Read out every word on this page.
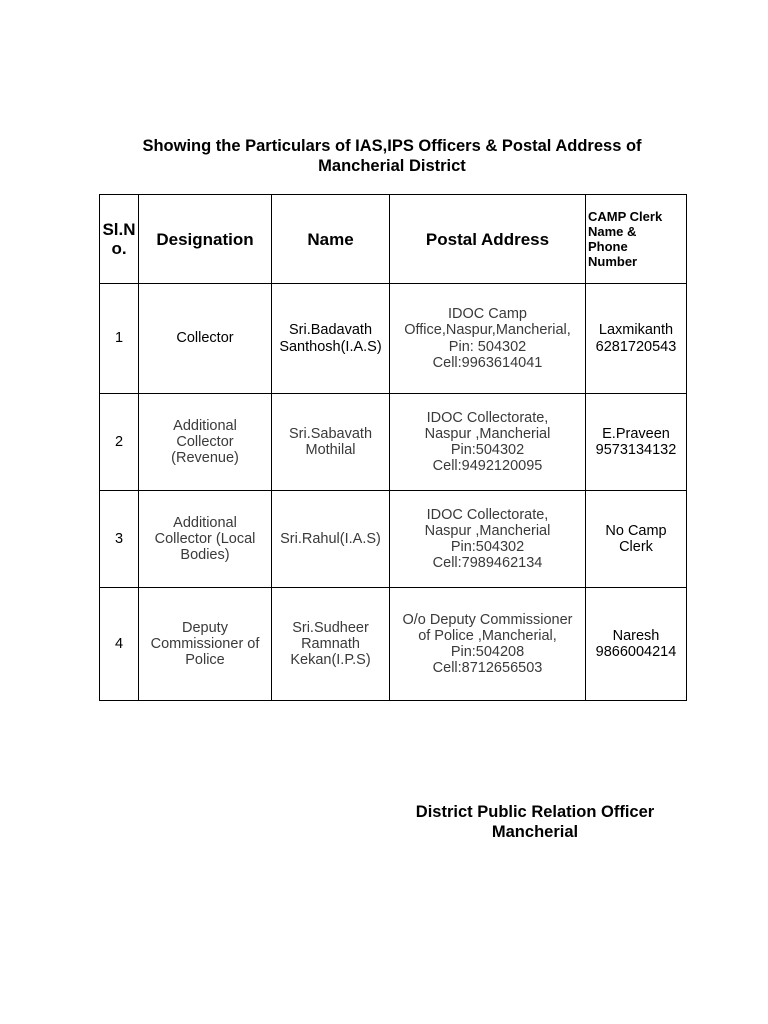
Showing the Particulars of IAS,IPS Officers & Postal Address of
Mancherial District
Sl.N
o.	Designation	Name	Postal Address	CAMP Clerk
Name &
Phone
Number
1	Collector	Sri.Badavath
Santhosh(I.A.S)	IDOC Camp
Office,Naspur,Mancherial,
Pin: 504302
Cell:9963614041	Laxmikanth
6281720543

2	Additional
Collector
(Revenue)	Sri.Sabavath
Mothilal	IDOC Collectorate,
Naspur ,Mancherial
Pin:504302
Cell:9492120095	E.Praveen
9573134132

3	Additional
Collector (Local
Bodies)	Sri.Rahul(I.A.S)	IDOC Collectorate,
Naspur ,Mancherial
Pin:504302
Cell:7989462134	No Camp
Clerk

4	Deputy
Commissioner of
Police	Sri.Sudheer
Ramnath
Kekan(I.P.S)	O/o Deputy Commissioner
of Police ,Mancherial,
Pin:504208
Cell:8712656503	Naresh
9866004214
District Public Relation Officer
Mancherial
